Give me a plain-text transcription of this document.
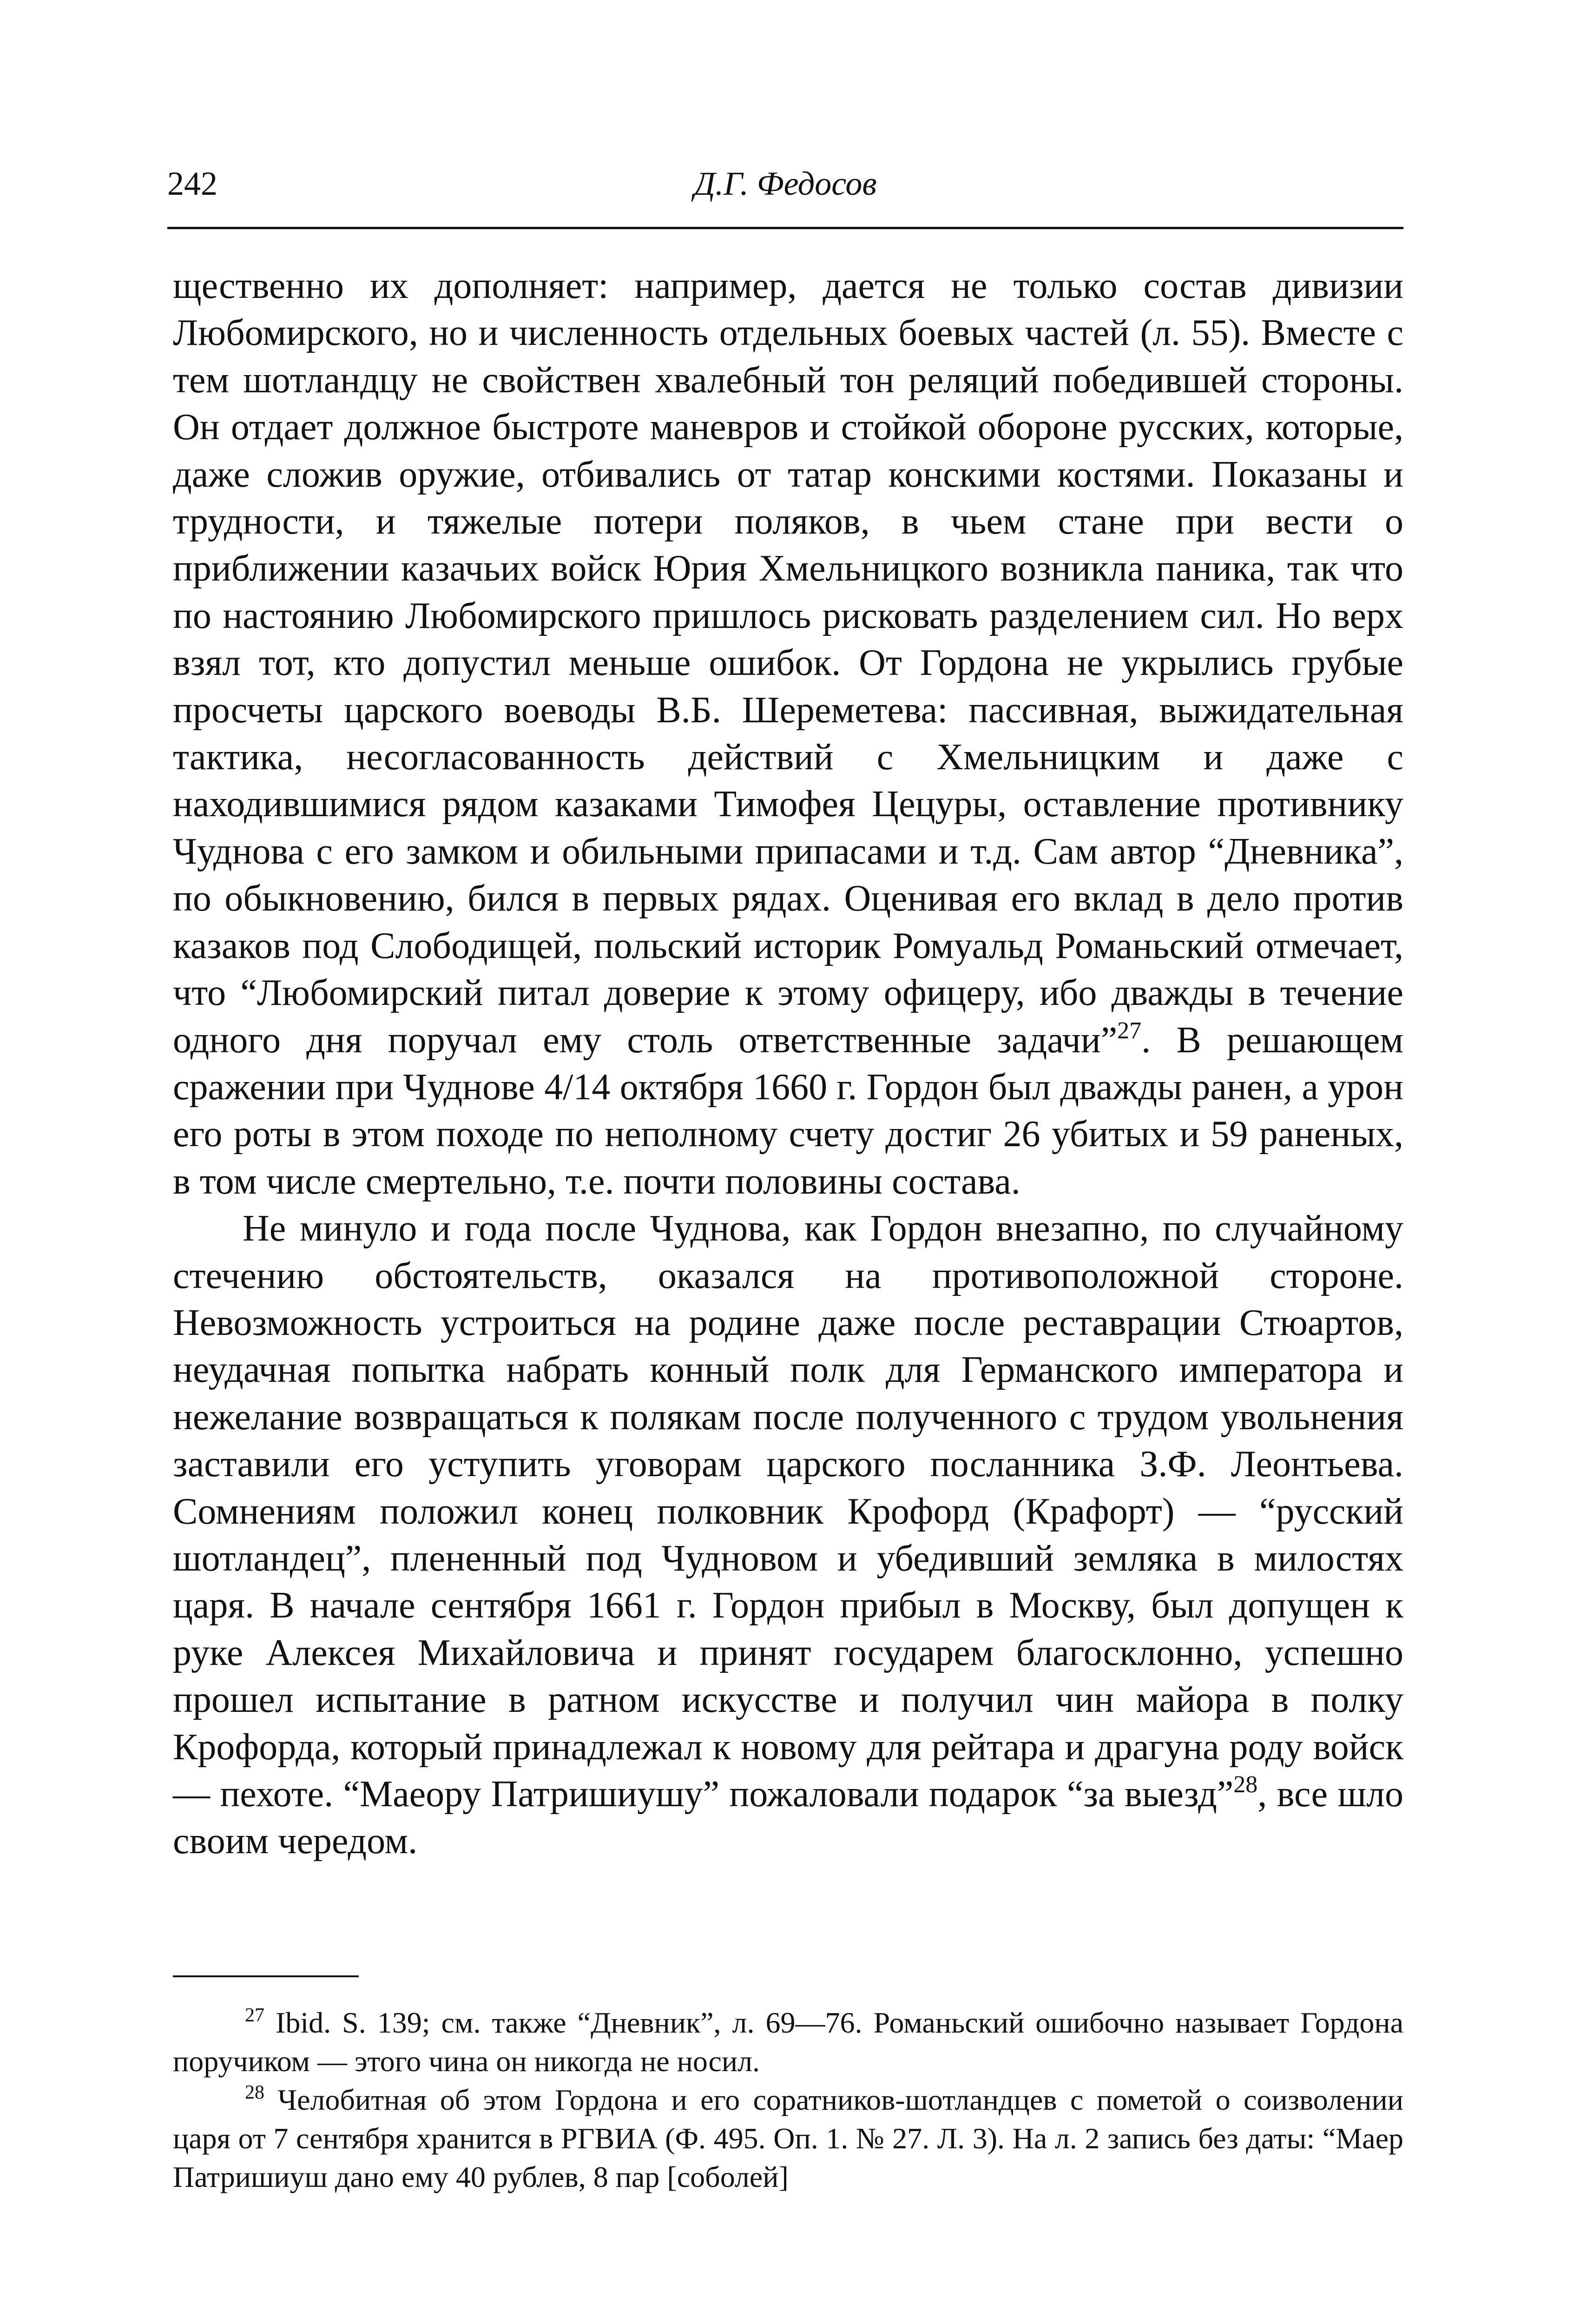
242	Д.Г. Федосов

щественно их дополняет: например, дается не только состав дивизии Любомирского, но и численность отдельных боевых частей (л. 55). Вместе с тем шотландцу не свойствен хвалебный тон реляций победившей стороны. Он отдает должное быстроте маневров и стойкой обороне русских, которые, даже сложив оружие, отбивались от татар конскими костями. Показаны и трудности, и тяжелые потери поляков, в чьем стане при вести о приближении казачьих войск Юрия Хмельницкого возникла паника, так что по настоянию Любомирского пришлось рисковать разделением сил. Но верх взял тот, кто допустил меньше ошибок. От Гордона не укрылись грубые просчеты царского воеводы В.Б. Шереметева: пассивная, выжидательная тактика, несогласованность действий с Хмельницким и даже с находившимися рядом казаками Тимофея Цецуры, оставление противнику Чуднова с его замком и обильными припасами и т.д. Сам автор “Дневника”, по обыкновению, бился в первых рядах. Оценивая его вклад в дело против казаков под Слободищей, польский историк Ромуальд Романьский отмечает, что “Любомирский питал доверие к этому офицеру, ибо дважды в течение одного дня поручал ему столь ответственные задачи”$^{27}$. В решающем сражении при Чуднове 4/14 октября 1660 г. Гордон был дважды ранен, а урон его роты в этом походе по неполному счету достиг 26 убитых и 59 раненых, в том числе смертельно, т.е. почти половины состава.

Не минуло и года после Чуднова, как Гордон внезапно, по случайному стечению обстоятельств, оказался на противоположной стороне. Невозможность устроиться на родине даже после реставрации Стюартов, неудачная попытка набрать конный полк для Германского императора и нежелание возвращаться к полякам после полученного с трудом увольнения заставили его уступить уговорам царского посланника З.Ф. Леонтьева. Сомнениям положил конец полковник Крофорд (Крафорт) — “русский шотландец”, плененный под Чудновом и убедивший земляка в милостях царя. В начале сентября 1661 г. Гордон прибыл в Москву, был допущен к руке Алексея Михайловича и принят государем благосклонно, успешно прошел испытание в ратном искусстве и получил чин майора в полку Крофорда, который принадлежал к новому для рейтара и драгуна роду войск — пехоте. “Маеору Патришиушу” пожаловали подарок “за выезд”$^{28}$, все шло своим чередом.

$^{27}$ Ibid. S. 139; см. также “Дневник”, л. 69—76. Романьский ошибочно называет Гордона поручиком — этого чина он никогда не носил.

$^{28}$ Челобитная об этом Гордона и его соратников-шотландцев с пометой о соизволении царя от 7 сентября хранится в РГВИА (Ф. 495. Оп. 1. № 27. Л. 3). На л. 2 запись без даты: “Маер Патришиуш дано ему 40 рублев, 8 пар [соболей]
